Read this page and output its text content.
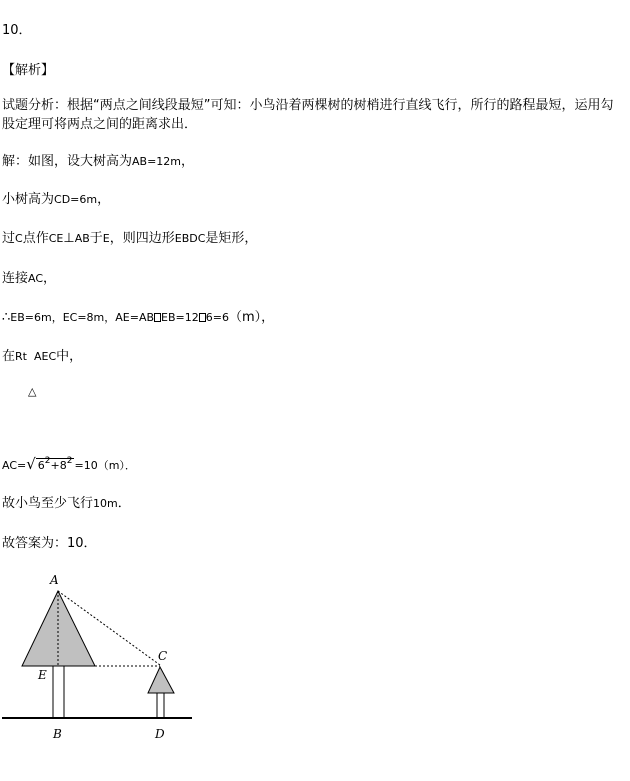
10．
【解析】
试题分析：根据“两点之间线段最短”可知：小鸟沿着两棵树的树梢进行直线飞行，所行的路程最短，运用勾股定理可将两点之间的距离求出．
解：如图，设大树高为AB=12m，
小树高为CD=6m，
过C点作CE⊥AB于E，则四边形EBDC是矩形，
连接AC，
∴EB=6m，EC=8m，AE=AB EB=12 6=6（m），
在Rt  AEC中，
△
AC=√ $6^2+8^2 =10(m)$．
故小鸟至少飞行10m．
故答案为：10．
A
E
C
B	D
